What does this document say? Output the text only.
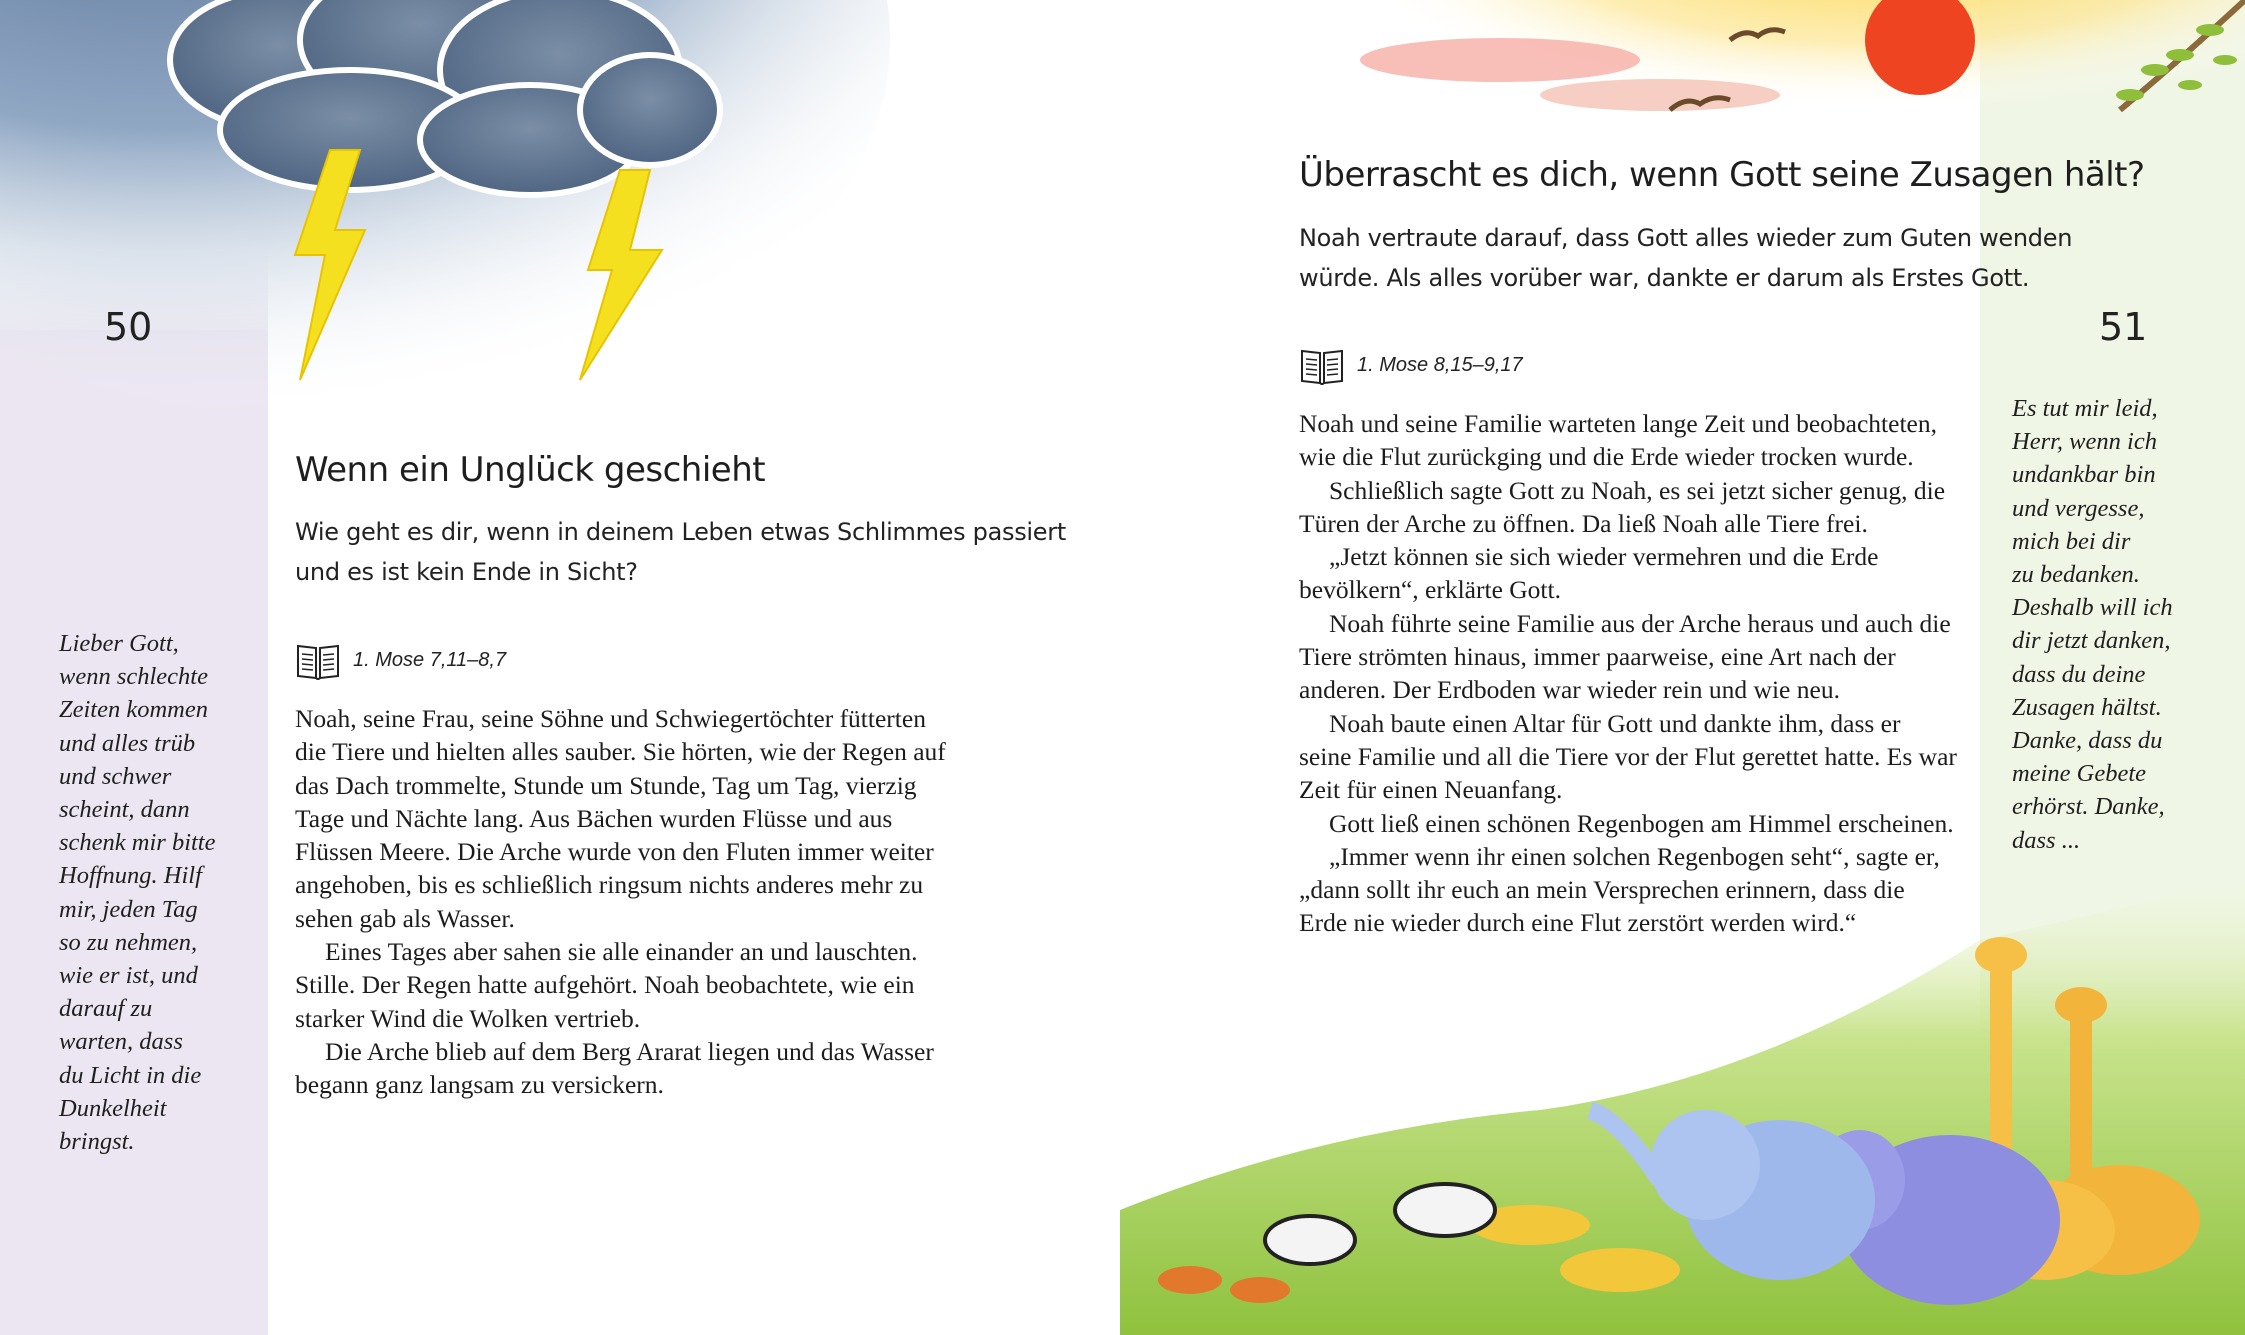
50
Wenn ein Unglück geschieht
Wie geht es dir, wenn in deinem Leben etwas Schlimmes passiert
und es ist kein Ende in Sicht?
1. Mose 7,11–8,7

Noah, seine Frau, seine Söhne und Schwiegertöchter fütterten die Tiere und hielten alles sauber. Sie hörten, wie der Regen auf das Dach trommelte, Stunde um Stunde, Tag um Tag, vierzig Tage und Nächte lang. Aus Bächen wurden Flüsse und aus Flüssen Meere. Die Arche wurde von den Fluten immer weiter angehoben, bis es schließlich ringsum nichts anderes mehr zu sehen gab als Wasser.

Eines Tages aber sahen sie alle einander an und lauschten. Stille. Der Regen hatte aufgehört. Noah beobachtete, wie ein starker Wind die Wolken vertrieb.

Die Arche blieb auf dem Berg Ararat liegen und das Wasser begann ganz langsam zu versickern.

Lieber Gott,
wenn schlechte
Zeiten kommen
und alles trüb
und schwer
scheint, dann
schenk mir bitte
Hoffnung. Hilf
mir, jeden Tag
so zu nehmen,
wie er ist, und
darauf zu
warten, dass
du Licht in die
Dunkelheit
bringst.
51
Überrascht es dich, wenn Gott seine Zusagen hält?
Noah vertraute darauf, dass Gott alles wieder zum Guten wenden
würde. Als alles vorüber war, dankte er darum als Erstes Gott.
1. Mose 8,15–9,17

Noah und seine Familie warteten lange Zeit und beobachteten, wie die Flut zurückging und die Erde wieder trocken wurde.

Schließlich sagte Gott zu Noah, es sei jetzt sicher genug, die Türen der Arche zu öffnen. Da ließ Noah alle Tiere frei.

„Jetzt können sie sich wieder vermehren und die Erde bevölkern“, erklärte Gott.

Noah führte seine Familie aus der Arche heraus und auch die Tiere strömten hinaus, immer paarweise, eine Art nach der anderen. Der Erdboden war wieder rein und wie neu.

Noah baute einen Altar für Gott und dankte ihm, dass er seine Familie und all die Tiere vor der Flut gerettet hatte. Es war Zeit für einen Neuanfang.

Gott ließ einen schönen Regenbogen am Himmel erscheinen.

„Immer wenn ihr einen solchen Regenbogen seht“, sagte er, „dann sollt ihr euch an mein Versprechen erinnern, dass die Erde nie wieder durch eine Flut zerstört werden wird.“

Es tut mir leid,
Herr, wenn ich
undankbar bin
und vergesse,
mich bei dir
zu bedanken.
Deshalb will ich
dir jetzt danken,
dass du deine
Zusagen hältst.
Danke, dass du
meine Gebete
erhörst. Danke,
dass ...
